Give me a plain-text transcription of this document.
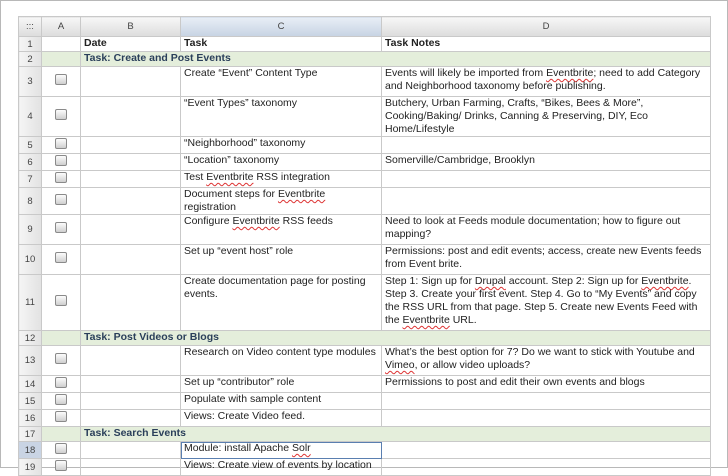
:::	A	B	C	D
1		Date	Task	Task Notes
2		Task: Create and Post Events		
3			Create “Event” Content Type	Events will likely be imported from Eventbrite; need to add Category and Neighborhood taxonomy before publishing.
4			“Event Types” taxonomy	Butchery, Urban Farming, Crafts, “Bikes, Bees & More”, Cooking/Baking/ Drinks, Canning & Preserving, DIY, Eco Home/Lifestyle
5			“Neighborhood” taxonomy	
6			“Location” taxonomy	Somerville/Cambridge, Brooklyn
7			Test Eventbrite RSS integration	
8			Document steps for Eventbrite registration	
9			Configure Eventbrite RSS feeds	Need to look at Feeds module documentation; how to figure out mapping?
10			Set up “event host” role	Permissions: post and edit events; access, create new Events feeds from Event brite.
11			Create documentation page for posting events.	Step 1: Sign up for Drupal account. Step 2: Sign up for Eventbrite. Step 3. Create your first event. Step 4. Go to “My Events” and copy the RSS URL from that page. Step 5. Create new Events Feed with the Eventbrite URL.
12		Task: Post Videos or Blogs		
13			Research on Video content type modules	What’s the best option for 7? Do we want to stick with Youtube and Vimeo, or allow video uploads?
14			Set up “contributor” role	Permissions to post and edit their own events and blogs
15			Populate with sample content	
16			Views: Create Video feed.	
17		Task: Search Events		
18			Module: install Apache Solr	
19			Views: Create view of events by location	
